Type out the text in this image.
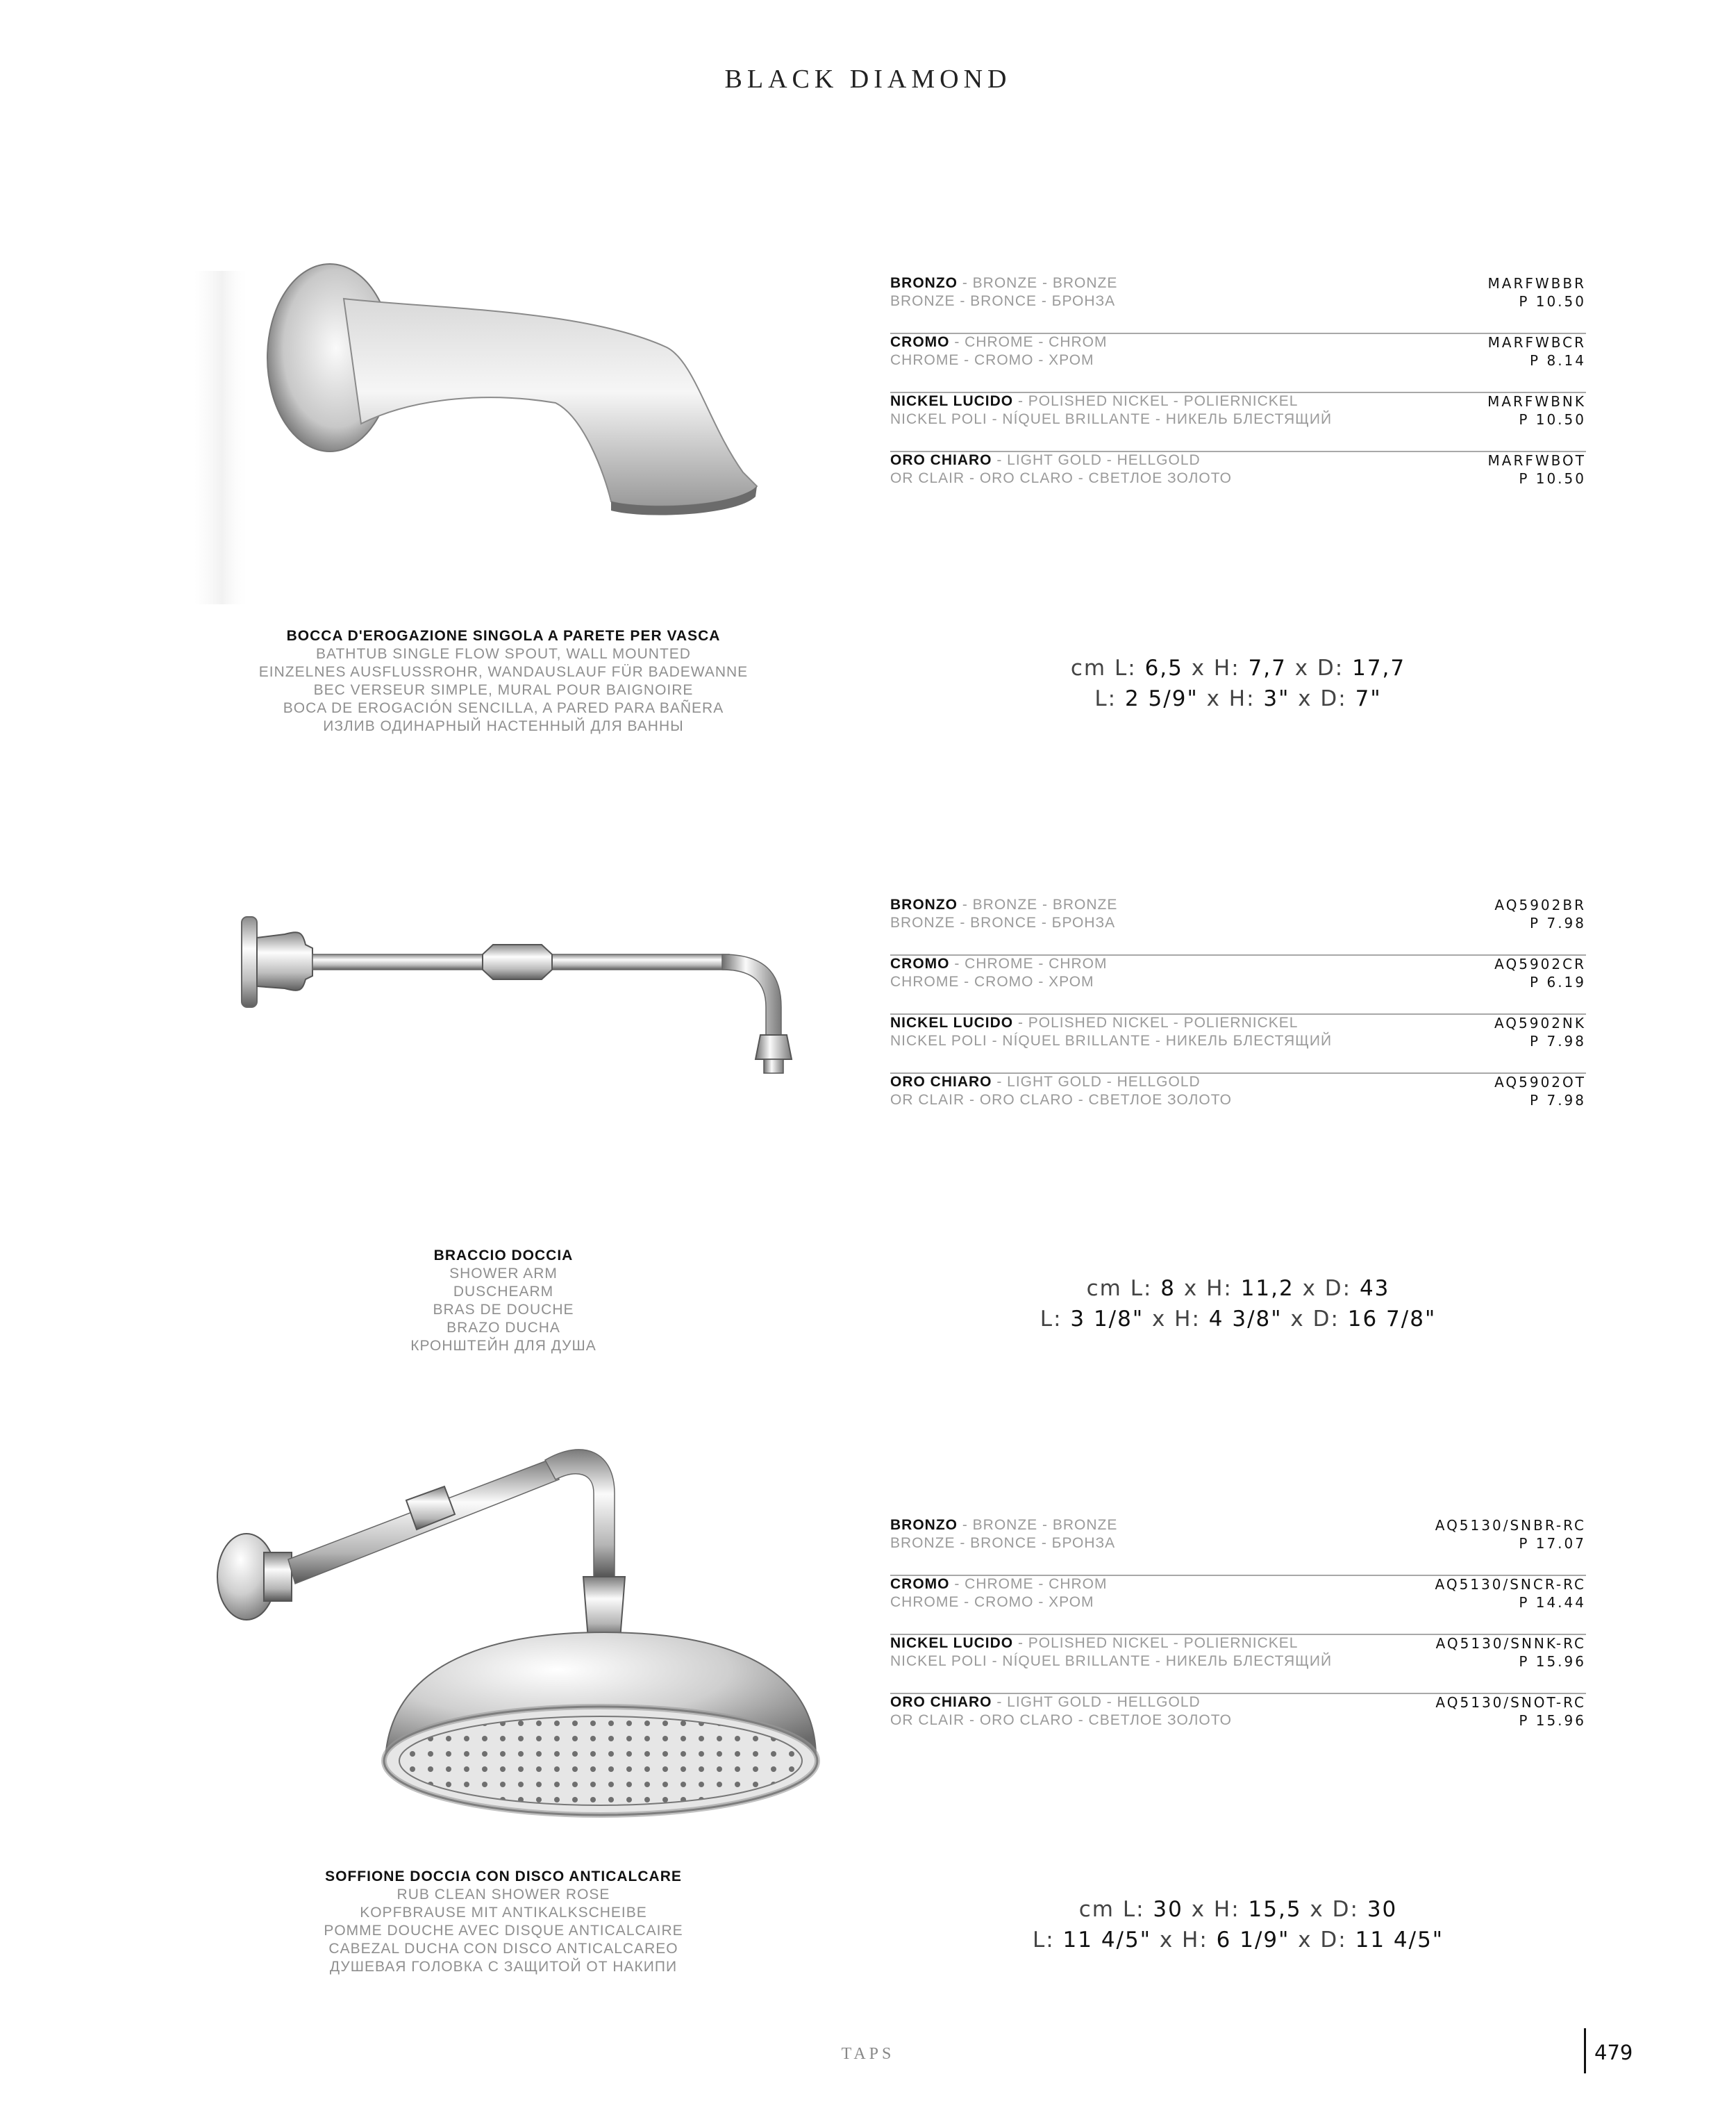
BLACK DIAMOND
BRONZO - BRONZE - BRONZE
BRONZE - BRONCE - БРОНЗА
MARFWBBR
P 10.50
CROMO - CHROME - CHROM
CHROME - CROMO - ХРОМ
MARFWBCR
P 8.14
NICKEL LUCIDO - POLISHED NICKEL - POLIERNICKEL
NICKEL POLI - NÍQUEL BRILLANTE - НИКЕЛЬ БЛЕСТЯЩИЙ
MARFWBNK
P 10.50
ORO CHIARO - LIGHT GOLD - HELLGOLD
OR CLAIR - ORO CLARO - СВЕТЛОЕ ЗОЛОТО
MARFWBOT
P 10.50
BOCCA D'EROGAZIONE SINGOLA A PARETE PER VASCA
BATHTUB SINGLE FLOW SPOUT, WALL MOUNTED
EINZELNES AUSFLUSSROHR, WANDAUSLAUF FÜR BADEWANNE
BEC VERSEUR SIMPLE, MURAL POUR BAIGNOIRE
BOCA DE EROGACIÓN SENCILLA, A PARED PARA BAÑERA
ИЗЛИВ ОДИНАРНЫЙ НАСТЕННЫЙ ДЛЯ ВАННЫ
cm L: 6,5 x H: 7,7 x D: 17,7
L: 2 5/9" x H: 3" x D: 7"
BRONZO - BRONZE - BRONZE
BRONZE - BRONCE - БРОНЗА
AQ5902BR
P 7.98
CROMO - CHROME - CHROM
CHROME - CROMO - ХРОМ
AQ5902CR
P 6.19
NICKEL LUCIDO - POLISHED NICKEL - POLIERNICKEL
NICKEL POLI - NÍQUEL BRILLANTE - НИКЕЛЬ БЛЕСТЯЩИЙ
AQ5902NK
P 7.98
ORO CHIARO - LIGHT GOLD - HELLGOLD
OR CLAIR - ORO CLARO - СВЕТЛОЕ ЗОЛОТО
AQ5902OT
P 7.98
BRACCIO DOCCIA
SHOWER ARM
DUSCHEARM
BRAS DE DOUCHE
BRAZO DUCHA
КРОНШТЕЙН ДЛЯ ДУША
cm L: 8 x H: 11,2 x D: 43
L: 3 1/8" x H: 4 3/8" x D: 16 7/8"
BRONZO - BRONZE - BRONZE
BRONZE - BRONCE - БРОНЗА
AQ5130/SNBR-RC
P 17.07
CROMO - CHROME - CHROM
CHROME - CROMO - ХРОМ
AQ5130/SNCR-RC
P 14.44
NICKEL LUCIDO - POLISHED NICKEL - POLIERNICKEL
NICKEL POLI - NÍQUEL BRILLANTE - НИКЕЛЬ БЛЕСТЯЩИЙ
AQ5130/SNNK-RC
P 15.96
ORO CHIARO - LIGHT GOLD - HELLGOLD
OR CLAIR - ORO CLARO - СВЕТЛОЕ ЗОЛОТО
AQ5130/SNOT-RC
P 15.96
SOFFIONE DOCCIA CON DISCO ANTICALCARE
RUB CLEAN SHOWER ROSE
KOPFBRAUSE MIT ANTIKALKSCHEIBE
POMME DOUCHE AVEC DISQUE ANTICALCAIRE
CABEZAL DUCHA CON DISCO ANTICALCAREO
ДУШЕВАЯ ГОЛОВКА С ЗАЩИТОЙ ОТ НАКИПИ
cm L: 30 x H: 15,5 x D: 30
L: 11 4/5" x H: 6 1/9" x D: 11 4/5"
TAPS	479
